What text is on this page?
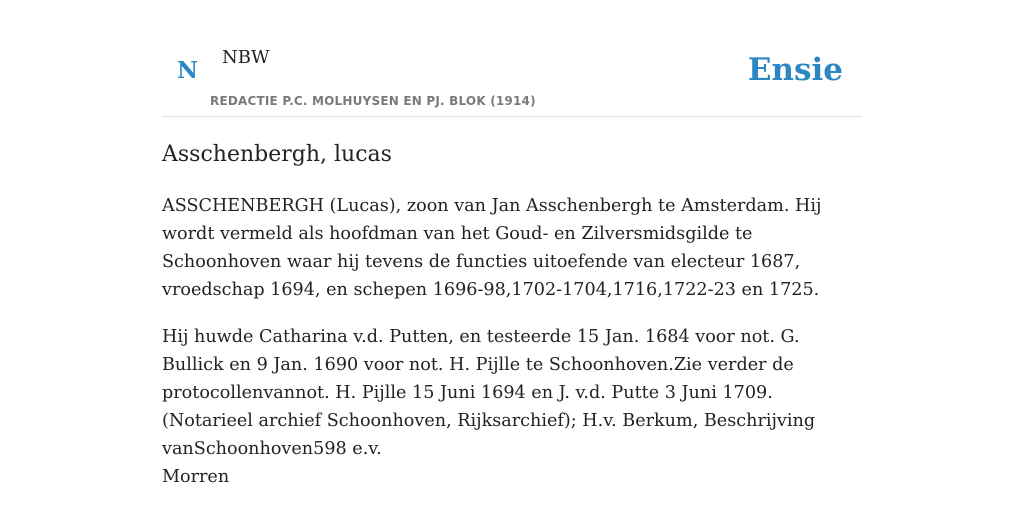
N NBW
REDACTIE P.C. MOLHUYSEN EN PJ. BLOK (1914)
Ensie
Asschenbergh, lucas

ASSCHENBERGH (Lucas), zoon van Jan Asschenbergh te Amsterdam. Hij wordt vermeld als hoofdman van het Goud- en Zilversmidsgilde te Schoonhoven waar hij tevens de functies uitoefende van electeur 1687, vroedschap 1694, en schepen 1696-98,1702-1704,1716,1722-23 en 1725.

Hij huwde Catharina v.d. Putten, en testeerde 15 Jan. 1684 voor not. G. Bullick en 9 Jan. 1690 voor not. H. Pijlle te Schoonhoven.Zie verder de protocollenvannot. H. Pijlle 15 Juni 1694 en J. v.d. Putte 3 Juni 1709. (Notarieel archief Schoonhoven, Rijksarchief); H.v. Berkum, Beschrijving vanSchoonhoven598 e.v.

Morren
